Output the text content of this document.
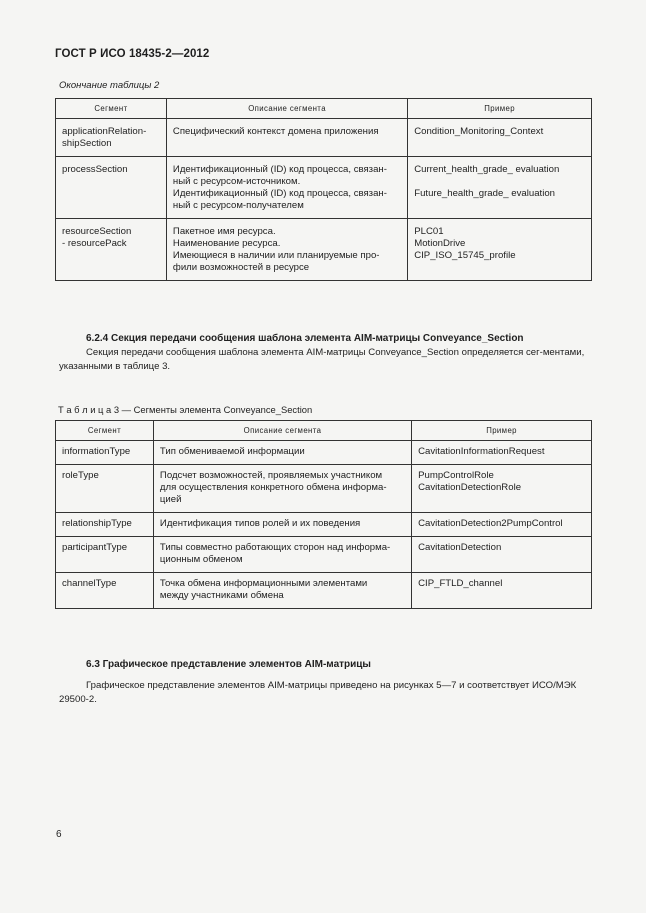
ГОСТ Р ИСО 18435-2—2012
Окончание таблицы 2
Сегмент	Описание сегмента	Пример

applicationRelation-
shipSection	Специфический контекст домена приложения	Condition_Monitoring_Context

processSection	Идентификационный (ID) код процесса, связан-
ный с ресурсом-источником.
Идентификационный (ID) код процесса, связан-
ный с ресурсом-получателем	Current_health_grade_ evaluation
Future_health_grade_ evaluation

resourceSection
- resourcePack	Пакетное имя ресурса.
Наименование ресурса.
Имеющиеся в наличии или планируемые про-
фили возможностей в ресурсе	PLC01
MotionDrive
CIP_ISO_15745_profile
6.2.4 Секция передачи сообщения шаблона элемента AIM-матрицы Conveyance_Section
Секция передачи сообщения шаблона элемента AIM-матрицы Conveyance_Section определяется сег-ментами, указанными в таблице 3.
Т а б л и ц а 3 — Сегменты элемента Conveyance_Section
Сегмент	Описание сегмента	Пример

informationType	Тип обмениваемой информации	CavitationInformationRequest

roleType	Подсчет возможностей, проявляемых участником
для осуществления конкретного обмена информа-
цией	PumpControlRole
CavitationDetectionRole

relationshipType	Идентификация типов ролей и их поведения	CavitationDetection2PumpControl

participantType	Типы совместно работающих сторон над информа-
ционным обменом	CavitationDetection

channelType	Точка обмена информационными элементами
между участниками обмена	CIP_FTLD_channel
6.3 Графическое представление элементов AIM-матрицы
Графическое представление элементов AIM-матрицы приведено на рисунках 5—7 и соответствует ИСО/МЭК 29500-2.
6
